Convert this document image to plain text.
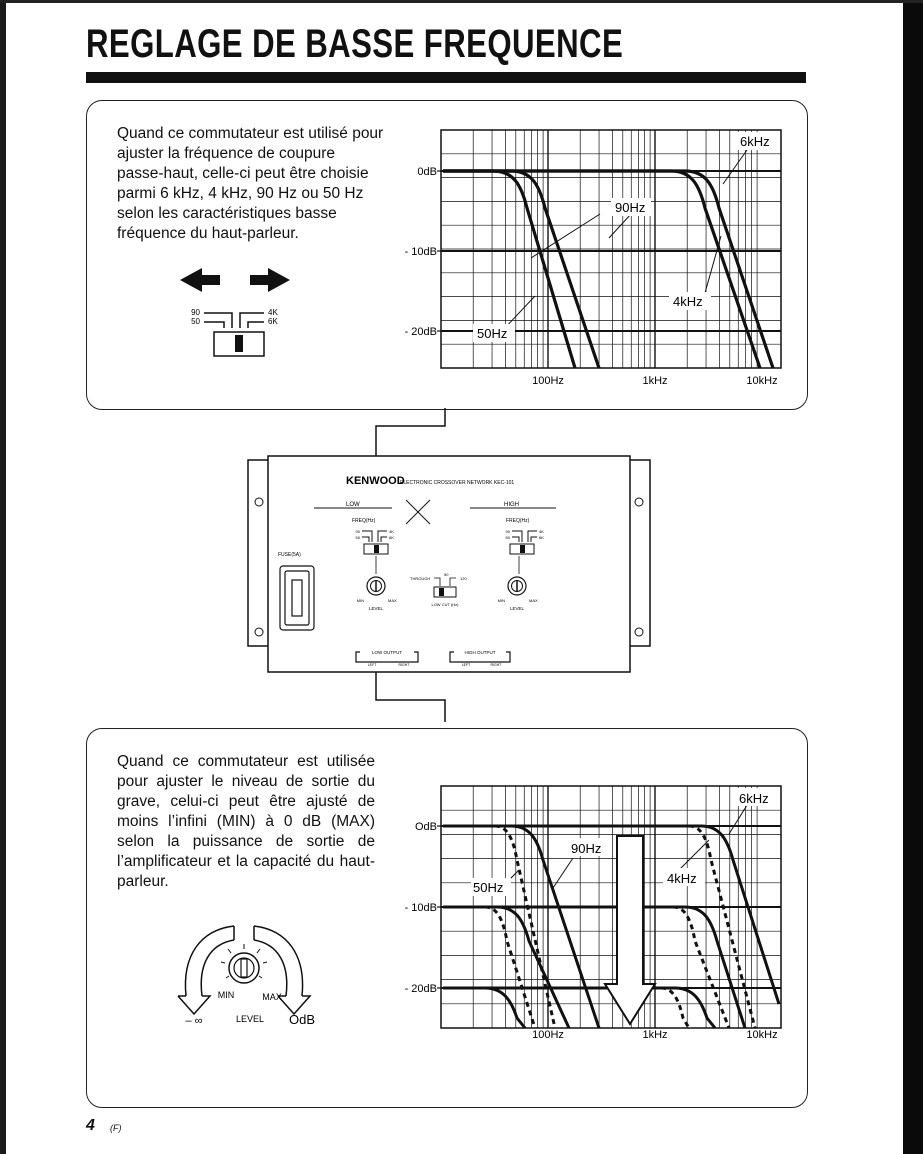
REGLAGE DE BASSE FREQUENCE

Quand ce commutateur est utilisé pour ajuster la fréquence de coupure passe-haut, celle-ci peut être choisie parmi 6 kHz, 4 kHz, 90 Hz ou 50 Hz selon les caractéristiques basse fréquence du haut-parleur.

90
50
4K
6K
0dB
- 10dB
- 20dB
100Hz	1kHz	10kHz
6kHz
90Hz
4kHz
50Hz
KENWOOD
ELECTRONIC CROSSOVER NETWORK KEC-101
LOW	HIGH
FREQ(Hz)	FREQ(Hz)
90
50
4K
6K
90
50
4K
6K
FUSE(5A)
MIN	MAX
LEVEL
MIN	MAX
LEVEL
THROUGH
50
120
LOW CUT (Hz)
LOW OUTPUT
LEFT	RIGHT
HIGH OUTPUT
LEFT	RIGHT

Quand ce commutateur est utilisée pour ajuster le niveau de sortie du grave, celui-ci peut être ajusté de moins l’infini (MIN) à 0 dB (MAX) selon la puissance de sortie de l’amplificateur et la capacité du haut-parleur.

MIN	MAX
– ∞	LEVEL OdB
OdB
- 10dB
- 20dB
100Hz	1kHz	10kHz
6kHz
90Hz
4kHz
50Hz
4 (F)
